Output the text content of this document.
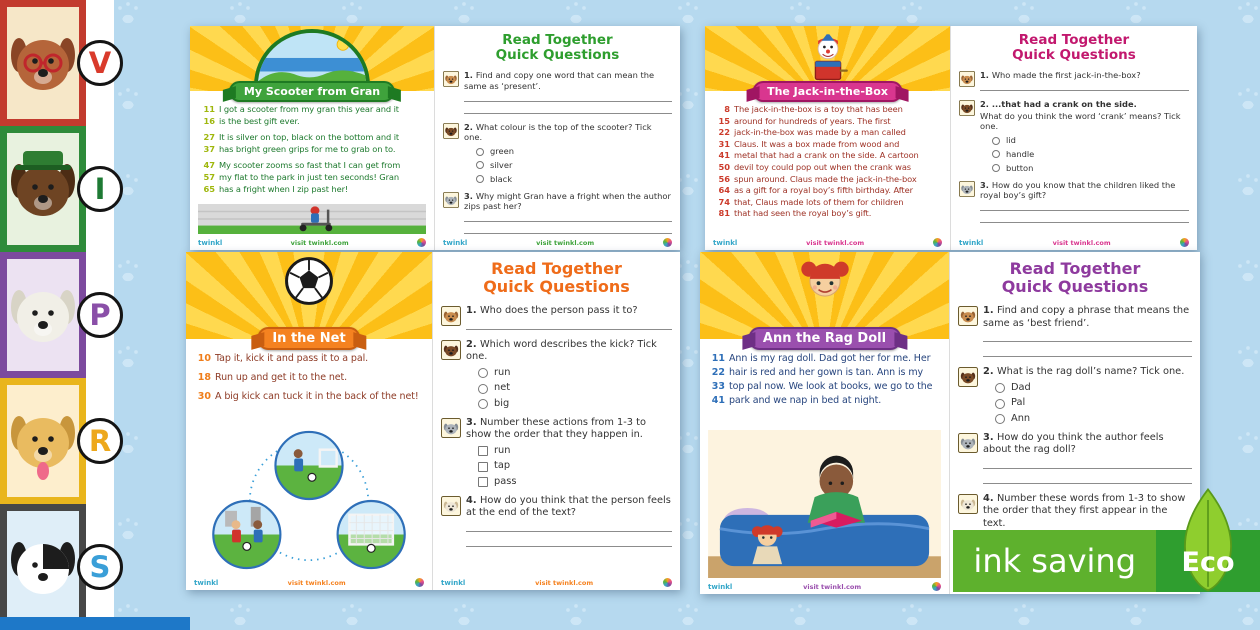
V
I
P
R
S
My Scooter from Gran
11 I got a scooter from my gran this year and it
16 is the best gift ever.
27 It is silver on top, black on the bottom and it
37 has bright green grips for me to grab on to.
47 My scooter zooms so fast that I can get from
57 my flat to the park in just ten seconds! Gran
65 has a fright when I zip past her!
twinkl	visit twinkl.com
Read Together
Quick Questions
1. Find and copy one word that can mean the same as ‘present’.
2. What colour is the top of the scooter? Tick one.
green
silver
black
3. Why might Gran have a fright when the author zips past her?
twinkl	visit twinkl.com
The Jack-in-the-Box
8 The jack-in-the-box is a toy that has been
15 around for hundreds of years. The first
22 jack-in-the-box was made by a man called
31 Claus. It was a box made from wood and
41 metal that had a crank on the side. A cartoon
50 devil toy could pop out when the crank was
56 spun around. Claus made the jack-in-the-box
64 as a gift for a royal boy’s fifth birthday. After
74 that, Claus made lots of them for children
81 that had seen the royal boy’s gift.
twinkl	visit twinkl.com
Read Together
Quick Questions
1. Who made the first jack-in-the-box?
2. ...that had a crank on the side.
What do you think the word ‘crank’ means? Tick one.
lid
handle
button
3. How do you know that the children liked the royal boy’s gift?
twinkl	visit twinkl.com
In the Net
10 Tap it, kick it and pass it to a pal.
18 Run up and get it to the net.
30 A big kick can tuck it in the back of the net!
twinkl	visit twinkl.com
Read Together
Quick Questions
1. Who does the person pass it to?
2. Which word describes the kick? Tick one.
run
net
big
3. Number these actions from 1-3 to show the order that they happen in.
run
tap
pass
4. How do you think that the person feels at the end of the text?
twinkl	visit twinkl.com
Ann the Rag Doll
11 Ann is my rag doll. Dad got her for me. Her
22 hair is red and her gown is tan. Ann is my
33 top pal now. We look at books, we go to the
41 park and we nap in bed at night.
twinkl	visit twinkl.com
Read Together
Quick Questions
1. Find and copy a phrase that means the same as ‘best friend’.
2. What is the rag doll’s name? Tick one.
Dad
Pal
Ann
3. How do you think the author feels about the rag doll?
4. Number these words from 1-3 to show the order that they first appear in the text.
ink saving	Eco
